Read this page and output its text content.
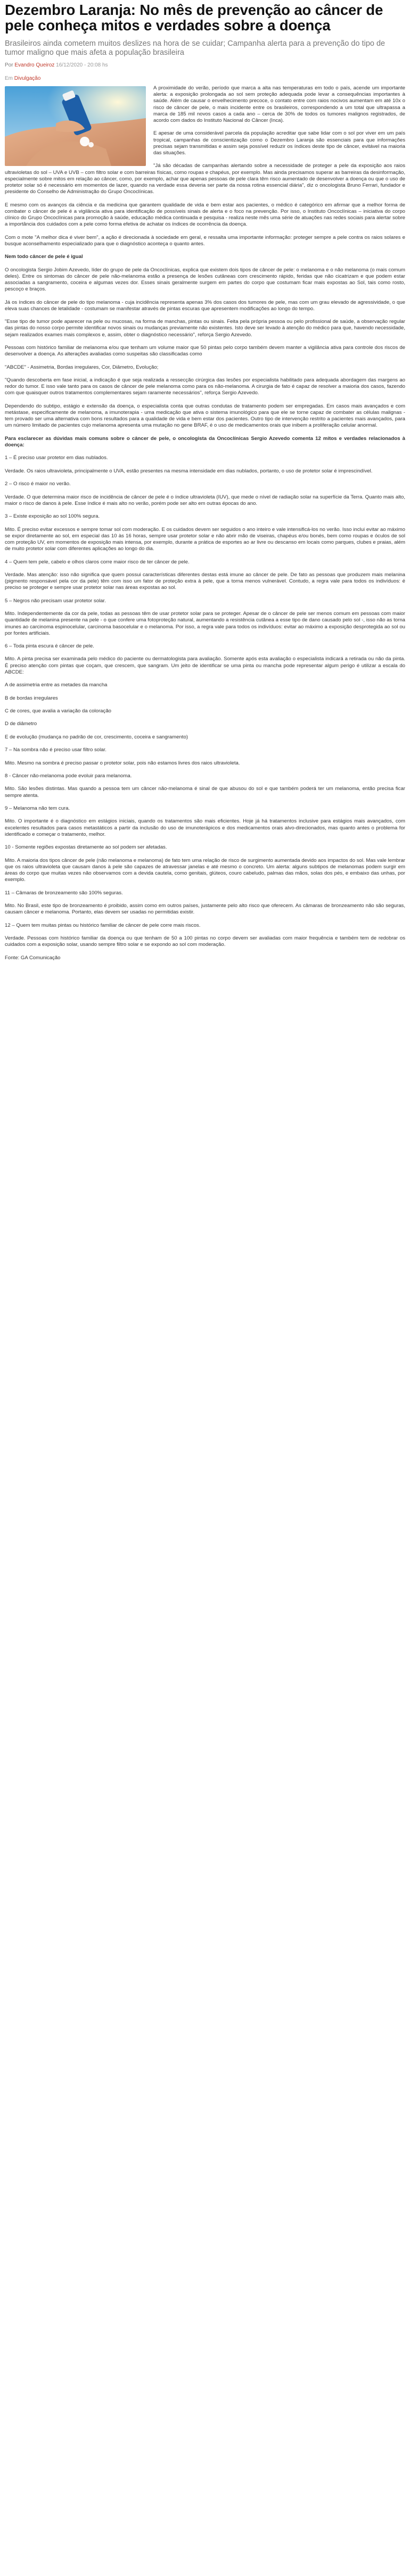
Dezembro Laranja: No mês de prevenção ao câncer de pele conheça mitos e verdades sobre a doença
Brasileiros ainda cometem muitos deslizes na hora de se cuidar; Campanha alerta para a prevenção do tipo de tumor maligno que mais afeta a população brasileira
Por Evandro Queiroz 16/12/2020 - 20:08 hs
Em Divulgação

A proximidade do verão, período que marca a alta nas temperaturas em todo o país, acende um importante alerta: a exposição prolongada ao sol sem proteção adequada pode levar a consequências importantes à saúde. Além de causar o envelhecimento precoce, o contato entre com raios nocivos aumentam em até 10x o risco de câncer de pele, o mais incidente entre os brasileiros, correspondendo a um total que ultrapassa a marca de 185 mil novos casos a cada ano – cerca de 30% de todos os tumores malignos registrados, de acordo com dados do Instituto Nacional do Câncer (Inca).

E apesar de uma considerável parcela da população acreditar que sabe lidar com o sol por viver em um país tropical, campanhas de conscientização como o Dezembro Laranja são essenciais para que informações precisas sejam transmitidas e assim seja possível reduzir os índices deste tipo de câncer, evitável na maioria das situações.

"Já são décadas de campanhas alertando sobre a necessidade de proteger a pele da exposição aos raios ultravioletas do sol – UVA e UVB – com filtro solar e com barreiras físicas, como roupas e chapéus, por exemplo. Mas ainda precisamos superar as barreiras da desinformação, especialmente sobre mitos em relação ao câncer, como, por exemplo, achar que apenas pessoas de pele clara têm risco aumentado de desenvolver a doença ou que o uso de protetor solar só é necessário em momentos de lazer, quando na verdade essa deveria ser parte da nossa rotina essencial diária", diz o oncologista Bruno Ferrari, fundador e presidente do Conselho de Administração do Grupo Oncoclínicas.

E mesmo com os avanços da ciência e da medicina que garantem qualidade de vida e bem estar aos pacientes, o médico é categórico em afirmar que a melhor forma de combater o câncer de pele é a vigilância ativa para identificação de possíveis sinais de alerta e o foco na prevenção. Por isso, o Instituto Oncoclínicas – iniciativa do corpo clínico do Grupo Oncoclínicas para promoção à saúde, educação médica continuada e pesquisa - realiza neste mês uma série de atuações nas redes sociais para alertar sobre a importância dos cuidados com a pele como forma efetiva de achatar os índices de ocorrência da doença.

Com o mote "A melhor dica é viver bem", a ação é direcionada à sociedade em geral, e ressalta uma importante informação: proteger sempre a pele contra os raios solares e busque aconselhamento especializado para que o diagnóstico aconteça o quanto antes.

Nem todo câncer de pele é igual

O oncologista Sergio Jobim Azevedo, líder do grupo de pele da Oncoclínicas, explica que existem dois tipos de câncer de pele: o melanoma e o não melanoma (o mais comum deles). Entre os sintomas do câncer de pele não-melanoma estão a presença de lesões cutâneas com crescimento rápido, feridas que não cicatrizam e que podem estar associadas a sangramento, coceira e algumas vezes dor. Esses sinais geralmente surgem em partes do corpo que costumam ficar mais expostas ao Sol, tais como rosto, pescoço e braços.

Já os índices do câncer de pele do tipo melanoma - cuja incidência representa apenas 3% dos casos dos tumores de pele, mas com um grau elevado de agressividade, o que eleva suas chances de letalidade - costumam se manifestar através de pintas escuras que apresentem modificações ao longo do tempo.

"Esse tipo de tumor pode aparecer na pele ou mucosas, na forma de manchas, pintas ou sinais. Feita pela própria pessoa ou pelo profissional de saúde, a observação regular das pintas do nosso corpo permite identificar novos sinais ou mudanças previamente não existentes. Isto deve ser levado à atenção do médico para que, havendo necessidade, sejam realizados exames mais complexos e, assim, obter o diagnóstico necessário", reforça Sergio Azevedo.

Pessoas com histórico familiar de melanoma e/ou que tenham um volume maior que 50 pintas pelo corpo também devem manter a vigilância ativa para controle dos riscos de desenvolver a doença. As alterações avaliadas como suspeitas são classificadas como

"ABCDE" - Assimetria, Bordas irregulares, Cor, Diâmetro, Evolução;

"Quando descoberta em fase inicial, a indicação é que seja realizada a ressecção cirúrgica das lesões por especialista habilitado para adequada abordagem das margens ao redor do tumor. E isso vale tanto para os casos de câncer de pele melanoma como para os não-melanoma. A cirurgia de fato é capaz de resolver a maioria dos casos, fazendo com que quaisquer outros tratamentos complementares sejam raramente necessários", reforça Sergio Azevedo.

Dependendo do subtipo, estágio e extensão da doença, o especialista conta que outras condutas de tratamento podem ser empregadas. Em casos mais avançados e com metástase, especificamente de melanoma, a imunoterapia - uma medicação que ativa o sistema imunológico para que ele se torne capaz de combater as células malignas - tem provado ser uma alternativa com bons resultados para a qualidade de vida e bem estar dos pacientes. Outro tipo de intervenção restrito a pacientes mais avançados, para um número limitado de pacientes cujo melanoma apresenta uma mutação no gene BRAF, é o uso de medicamentos orais que inibem a proliferação celular anormal.

Para esclarecer as dúvidas mais comuns sobre o câncer de pele, o oncologista da Oncoclínicas Sergio Azevedo comenta 12 mitos e verdades relacionados à doença:

1 – É preciso usar protetor em dias nublados.

Verdade. Os raios ultravioleta, principalmente o UVA, estão presentes na mesma intensidade em dias nublados, portanto, o uso de protetor solar é imprescindível.

2 – O risco é maior no verão.

Verdade. O que determina maior risco de incidência de câncer de pele é o índice ultravioleta (IUV), que mede o nível de radiação solar na superfície da Terra. Quanto mais alto, maior o risco de danos à pele. Esse índice é mais alto no verão, porém pode ser alto em outras épocas do ano.

3 – Existe exposição ao sol 100% segura.

Mito. É preciso evitar excessos e sempre tomar sol com moderação. E os cuidados devem ser seguidos o ano inteiro e vale intensificá-los no verão. Isso inclui evitar ao máximo se expor diretamente ao sol, em especial das 10 às 16 horas, sempre usar protetor solar e não abrir mão de viseiras, chapéus e/ou bonés, bem como roupas e óculos de sol com proteção UV, em momentos de exposição mais intensa, por exemplo, durante a prática de esportes ao ar livre ou descanso em locais como parques, clubes e praias, além de muito protetor solar com diferentes aplicações ao longo do dia.

4 – Quem tem pele, cabelo e olhos claros corre maior risco de ter câncer de pele.

Verdade. Mas atenção: isso não significa que quem possui características diferentes destas está imune ao câncer de pele. De fato as pessoas que produzem mais melanina (pigmento responsável pela cor da pele) têm com isso um fator de proteção extra à pele, que a torna menos vulnerável. Contudo, a regra vale para todos os indivíduos: é preciso se proteger e sempre usar protetor solar nas áreas expostas ao sol.

5 – Negros não precisam usar protetor solar.

Mito. Independentemente da cor da pele, todas as pessoas têm de usar protetor solar para se proteger. Apesar de o câncer de pele ser menos comum em pessoas com maior quantidade de melanina presente na pele - o que confere uma fotoproteção natural, aumentando a resistência cutânea a esse tipo de dano causado pelo sol -, isso não as torna imunes ao carcinoma espinocelular, carcinoma basocelular e o melanoma. Por isso, a regra vale para todos os indivíduos: evitar ao máximo a exposição desprotegida ao sol ou por fontes artificiais.

6 – Toda pinta escura é câncer de pele.

Mito. A pinta precisa ser examinada pelo médico do paciente ou dermatologista para avaliação. Somente após esta avaliação o especialista indicará a retirada ou não da pinta. É preciso atenção com pintas que coçam, que crescem, que sangram. Um jeito de identificar se uma pinta ou mancha pode representar algum perigo é utilizar a escala do ABCDE:

A de assimetria entre as metades da mancha

B de bordas irregulares

C de cores, que avalia a variação da coloração

D de diâmetro

E de evolução (mudança no padrão de cor, crescimento, coceira e sangramento)

7 – Na sombra não é preciso usar filtro solar.

Mito. Mesmo na sombra é preciso passar o protetor solar, pois não estamos livres dos raios ultravioleta.

8 - Câncer não-melanoma pode evoluir para melanoma.

Mito. São lesões distintas. Mas quando a pessoa tem um câncer não-melanoma é sinal de que abusou do sol e que também poderá ter um melanoma, então precisa ficar sempre atenta.

9 – Melanoma não tem cura.

Mito. O importante é o diagnóstico em estágios iniciais, quando os tratamentos são mais eficientes. Hoje já há tratamentos inclusive para estágios mais avançados, com excelentes resultados para casos metastáticos a partir da inclusão do uso de imunoterápicos e dos medicamentos orais alvo-direcionados, mas quanto antes o problema for identificado e começar o tratamento, melhor.

10 - Somente regiões expostas diretamente ao sol podem ser afetadas.

Mito. A maioria dos tipos câncer de pele (não melanoma e melanoma) de fato tem uma relação de risco de surgimento aumentada devido aos impactos do sol. Mas vale lembrar que os raios ultravioleta que causam danos à pele são capazes de atravessar janelas e até mesmo o concreto. Um alerta: alguns subtipos de melanomas podem surgir em áreas do corpo que muitas vezes não observamos com a devida cautela, como genitais, glúteos, couro cabeludo, palmas das mãos, solas dos pés, e embaixo das unhas, por exemplo.

11 – Câmaras de bronzeamento são 100% seguras.

Mito. No Brasil, este tipo de bronzeamento é proibido, assim como em outros países, justamente pelo alto risco que oferecem. As câmaras de bronzeamento não são seguras, causam câncer e melanoma. Portanto, elas devem ser usadas no permitidas existir.

12 – Quem tem muitas pintas ou histórico familiar de câncer de pele corre mais riscos.

Verdade. Pessoas com histórico familiar da doença ou que tenham de 50 a 100 pintas no corpo devem ser avaliadas com maior frequência e também tem de redobrar os cuidados com a exposição solar, usando sempre filtro solar e se expondo ao sol com moderação.

Fonte: GA Comunicação
